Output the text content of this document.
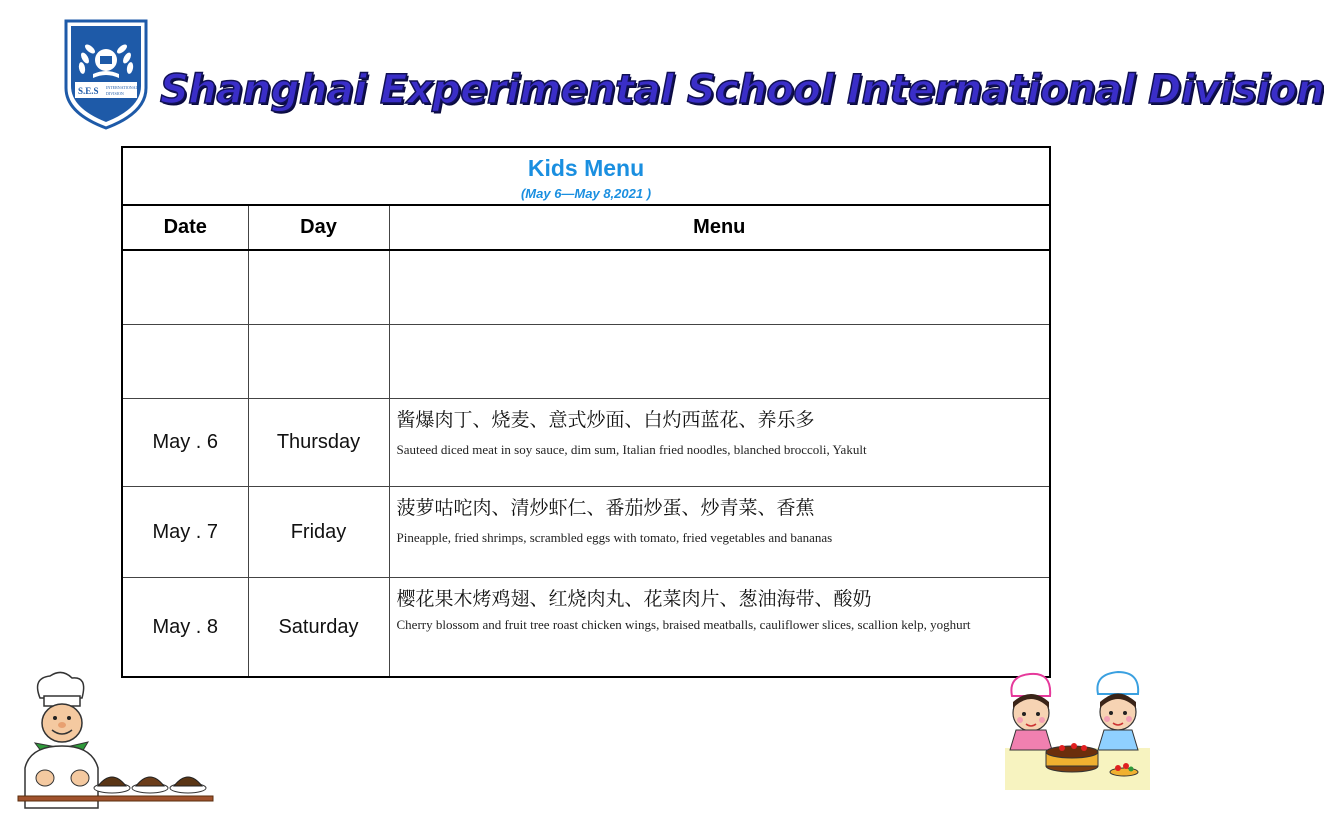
S.E.S INTERNATIONAL
DIVISION Shanghai Experimental School International Division
Kids Menu
(May 6—May 8,2021 )		

Date	Day	Menu

May . 6	Thursday	酱爆肉丁、烧麦、意式炒面、白灼西蓝花、养乐多
Sauteed diced meat in soy sauce, dim sum, Italian fried noodles, blanched broccoli, Yakult

May . 7	Friday	菠萝咕咜肉、清炒虾仁、番茄炒蛋、炒青菜、香蕉
Pineapple, fried shrimps, scrambled eggs with tomato, fried vegetables and bananas

May . 8	Saturday	樱花果木烤鸡翅、红烧肉丸、花菜肉片、葱油海带、酸奶
Cherry blossom and fruit tree roast chicken wings, braised meatballs, cauliflower slices, scallion kelp, yoghurt
